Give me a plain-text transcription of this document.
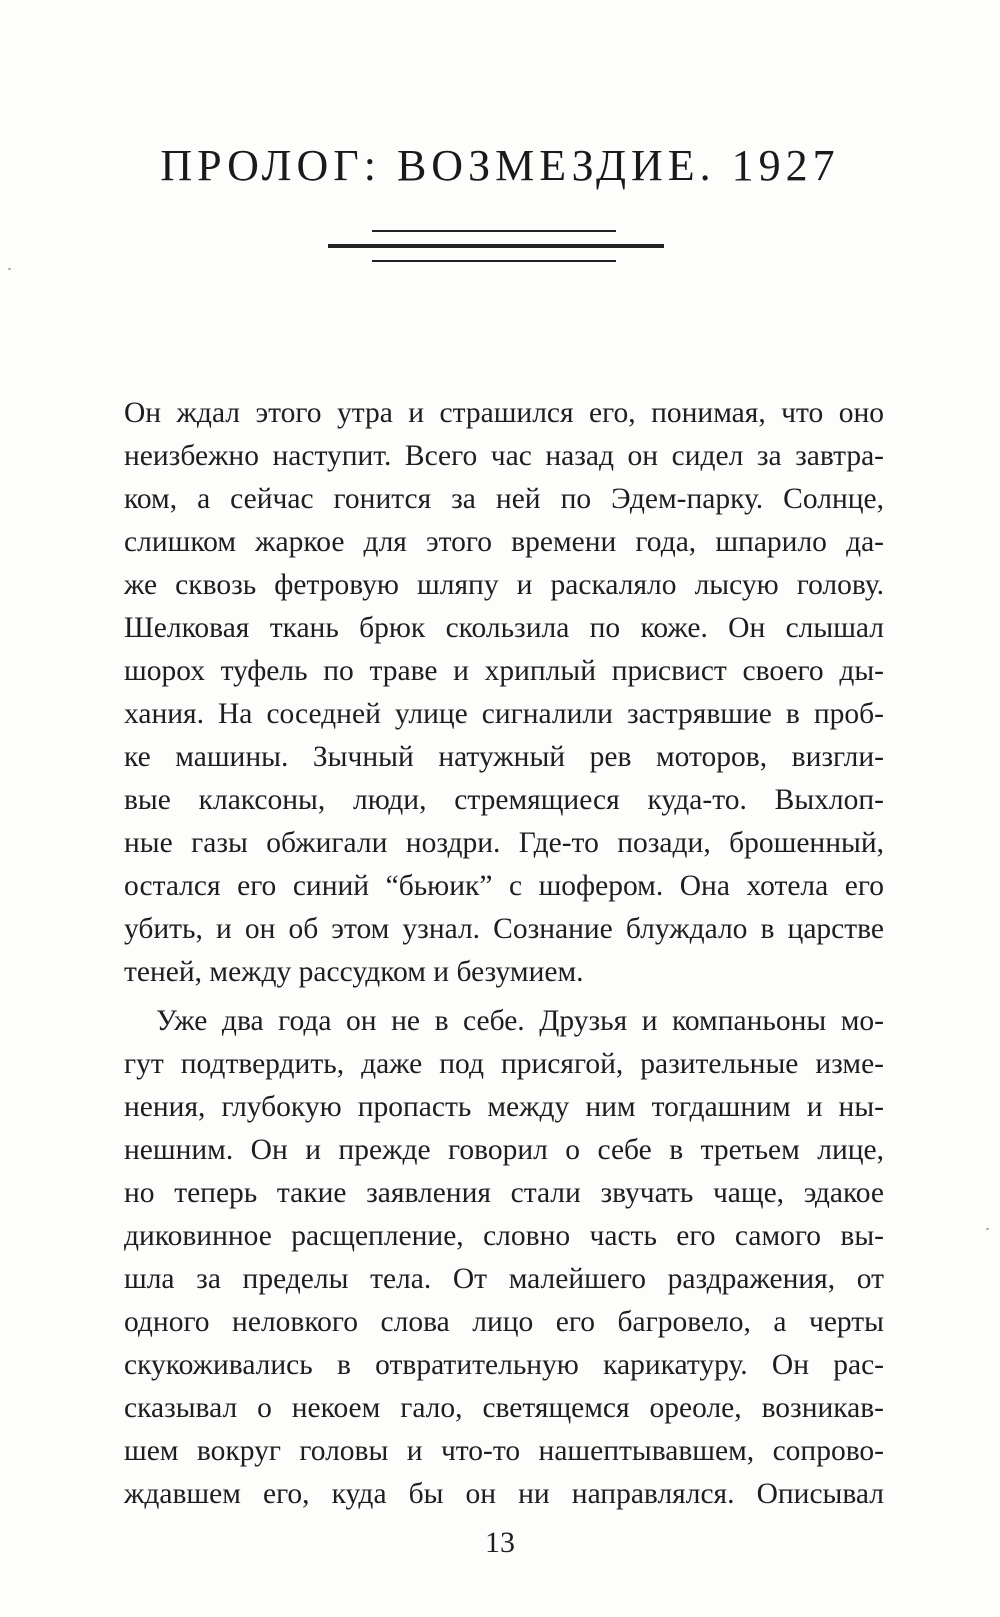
ПРОЛОГ: ВОЗМЕЗДИЕ. 1927
Он ждал этого утра и страшился его, понимая, что оно
неизбежно наступит. Всего час назад он сидел за завтра-
ком, а сейчас гонится за ней по Эдем-парку. Солнце,
слишком жаркое для этого времени года, шпарило да-
же сквозь фетровую шляпу и раскаляло лысую голову.
Шелковая ткань брюк скользила по коже. Он слышал
шорох туфель по траве и хриплый присвист своего ды-
хания. На соседней улице сигналили застрявшие в проб-
ке машины. Зычный натужный рев моторов, визгли-
вые клаксоны, люди, стремящиеся куда-то. Выхлоп-
ные газы обжигали ноздри. Где-то позади, брошенный,
остался его синий “бьюик” с шофером. Она хотела его
убить, и он об этом узнал. Сознание блуждало в царстве
теней, между рассудком и безумием.
Уже два года он не в себе. Друзья и компаньоны мо-
гут подтвердить, даже под присягой, разительные изме-
нения, глубокую пропасть между ним тогдашним и ны-
нешним. Он и прежде говорил о себе в третьем лице,
но теперь такие заявления стали звучать чаще, эдакое
диковинное расщепление, словно часть его самого вы-
шла за пределы тела. От малейшего раздражения, от
одного неловкого слова лицо его багровело, а черты
скукоживались в отвратительную карикатуру. Он рас-
сказывал о некоем гало, светящемся ореоле, возникав-
шем вокруг головы и что-то нашептывавшем, сопрово-
ждавшем его, куда бы он ни направлялся. Описывал
13
